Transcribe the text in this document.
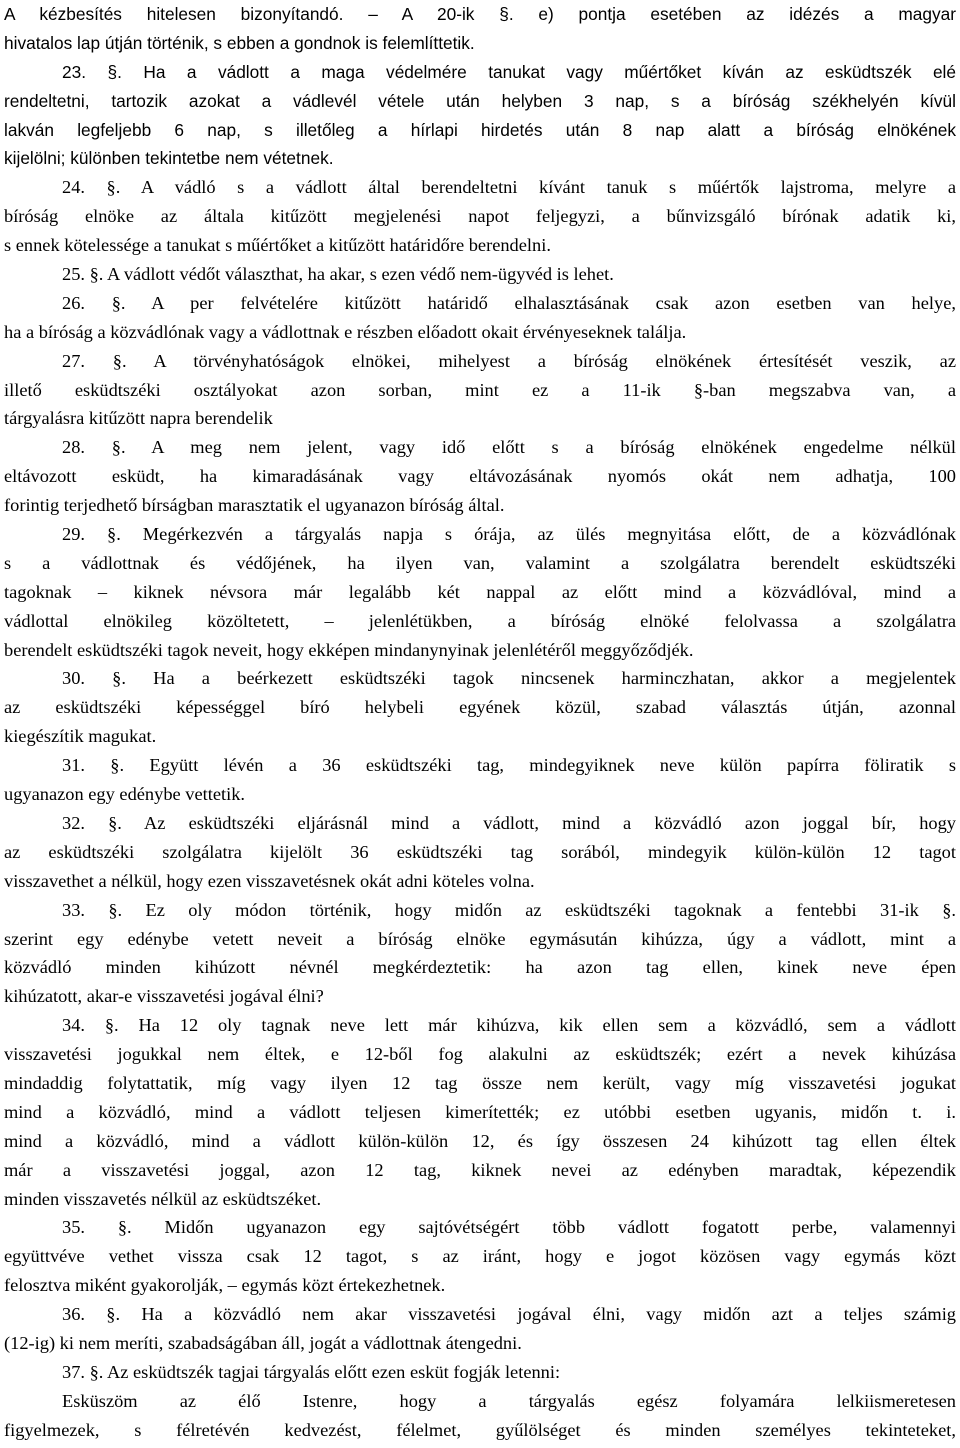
A kézbesítés hitelesen bizonyítandó. – A 20-ik §. e) pontja esetében az idézés a magyar
hivatalos lap útján történik, s ebben a gondnok is felemlíttetik.
23. §. Ha a vádlott a maga védelmére tanukat vagy műértőket kíván az esküdtszék elé
rendeltetni, tartozik azokat a vádlevél vétele után helyben 3 nap, s a bíróság székhelyén kívül
lakván legfeljebb 6 nap, s illetőleg a hírlapi hirdetés után 8 nap alatt a bíróság elnökének
kijelölni; különben tekintetbe nem vétetnek.
24. §. A vádló s a vádlott által berendeltetni kívánt tanuk s műértők lajstroma, melyre a
bíróság elnöke az általa kitűzött megjelenési napot feljegyzi, a bűnvizsgáló bírónak adatik ki,
s ennek kötelessége a tanukat s műértőket a kitűzött határidőre berendelni.
25. §. A vádlott védőt választhat, ha akar, s ezen védő nem-ügyvéd is lehet.
26. §. A per felvételére kitűzött határidő elhalasztásának csak azon esetben van helye,
ha a bíróság a közvádlónak vagy a vádlottnak e részben előadott okait érvényeseknek találja.
27. §. A törvényhatóságok elnökei, mihelyest a bíróság elnökének értesítését veszik, az
illető esküdtszéki osztályokat azon sorban, mint ez a 11-ik §-ban megszabva van, a
tárgyalásra kitűzött napra berendelik
28. §. A meg nem jelent, vagy idő előtt s a bíróság elnökének engedelme nélkül
eltávozott esküdt, ha kimaradásának vagy eltávozásának nyomós okát nem adhatja, 100
forintig terjedhető bírságban marasztatik el ugyanazon bíróság által.
29. §. Megérkezvén a tárgyalás napja s órája, az ülés megnyitása előtt, de a közvádlónak
s a vádlottnak és védőjének, ha ilyen van, valamint a szolgálatra berendelt esküdtszéki
tagoknak – kiknek névsora már legalább két nappal az előtt mind a közvádlóval, mind a
vádlottal elnökileg közöltetett, – jelenlétükben, a bíróság elnöké felolvassa a szolgálatra
berendelt esküdtszéki tagok neveit, hogy ekképen mindanynyinak jelenlétéről meggyőződjék.
30. §. Ha a beérkezett esküdtszéki tagok nincsenek harminczhatan, akkor a megjelentek
az esküdtszéki képességgel bíró helybeli egyének közül, szabad választás útján, azonnal
kiegészítik magukat.
31. §. Együtt lévén a 36 esküdtszéki tag, mindegyiknek neve külön papírra föliratik s
ugyanazon egy edénybe vettetik.
32. §. Az esküdtszéki eljárásnál mind a vádlott, mind a közvádló azon joggal bír, hogy
az esküdtszéki szolgálatra kijelölt 36 esküdtszéki tag sorából, mindegyik külön-külön 12 tagot
visszavethet a nélkül, hogy ezen visszavetésnek okát adni köteles volna.
33. §. Ez oly módon történik, hogy midőn az esküdtszéki tagoknak a fentebbi 31-ik §.
szerint egy edénybe vetett neveit a bíróság elnöke egymásután kihúzza, úgy a vádlott, mint a
közvádló minden kihúzott névnél megkérdeztetik: ha azon tag ellen, kinek neve épen
kihúzatott, akar-e visszavetési jogával élni?
34. §. Ha 12 oly tagnak neve lett már kihúzva, kik ellen sem a közvádló, sem a vádlott
visszavetési jogukkal nem éltek, e 12-ből fog alakulni az esküdtszék; ezért a nevek kihúzása
mindaddig folytattatik, míg vagy ilyen 12 tag össze nem került, vagy míg visszavetési jogukat
mind a közvádló, mind a vádlott teljesen kimerítették; ez utóbbi esetben ugyanis, midőn t. i.
mind a közvádló, mind a vádlott külön-külön 12, és így összesen 24 kihúzott tag ellen éltek
már a visszavetési joggal, azon 12 tag, kiknek nevei az edényben maradtak, képezendik
minden visszavetés nélkül az esküdtszéket.
35. §. Midőn ugyanazon egy sajtóvétségért több vádlott fogatott perbe, valamennyi
együttvéve vethet vissza csak 12 tagot, s az iránt, hogy e jogot közösen vagy egymás közt
felosztva miként gyakorolják, – egymás közt értekezhetnek.
36. §. Ha a közvádló nem akar visszavetési jogával élni, vagy midőn azt a teljes számig
(12-ig) ki nem meríti, szabadságában áll, jogát a vádlottnak átengedni.
37. §. Az esküdtszék tagjai tárgyalás előtt ezen esküt fogják letenni:
Esküszöm az élő Istenre, hogy a tárgyalás egész folyamára lelkiismeretesen
figyelmezek, s félretévén kedvezést, félelmet, gyűlölséget és minden személyes tekinteteket,
